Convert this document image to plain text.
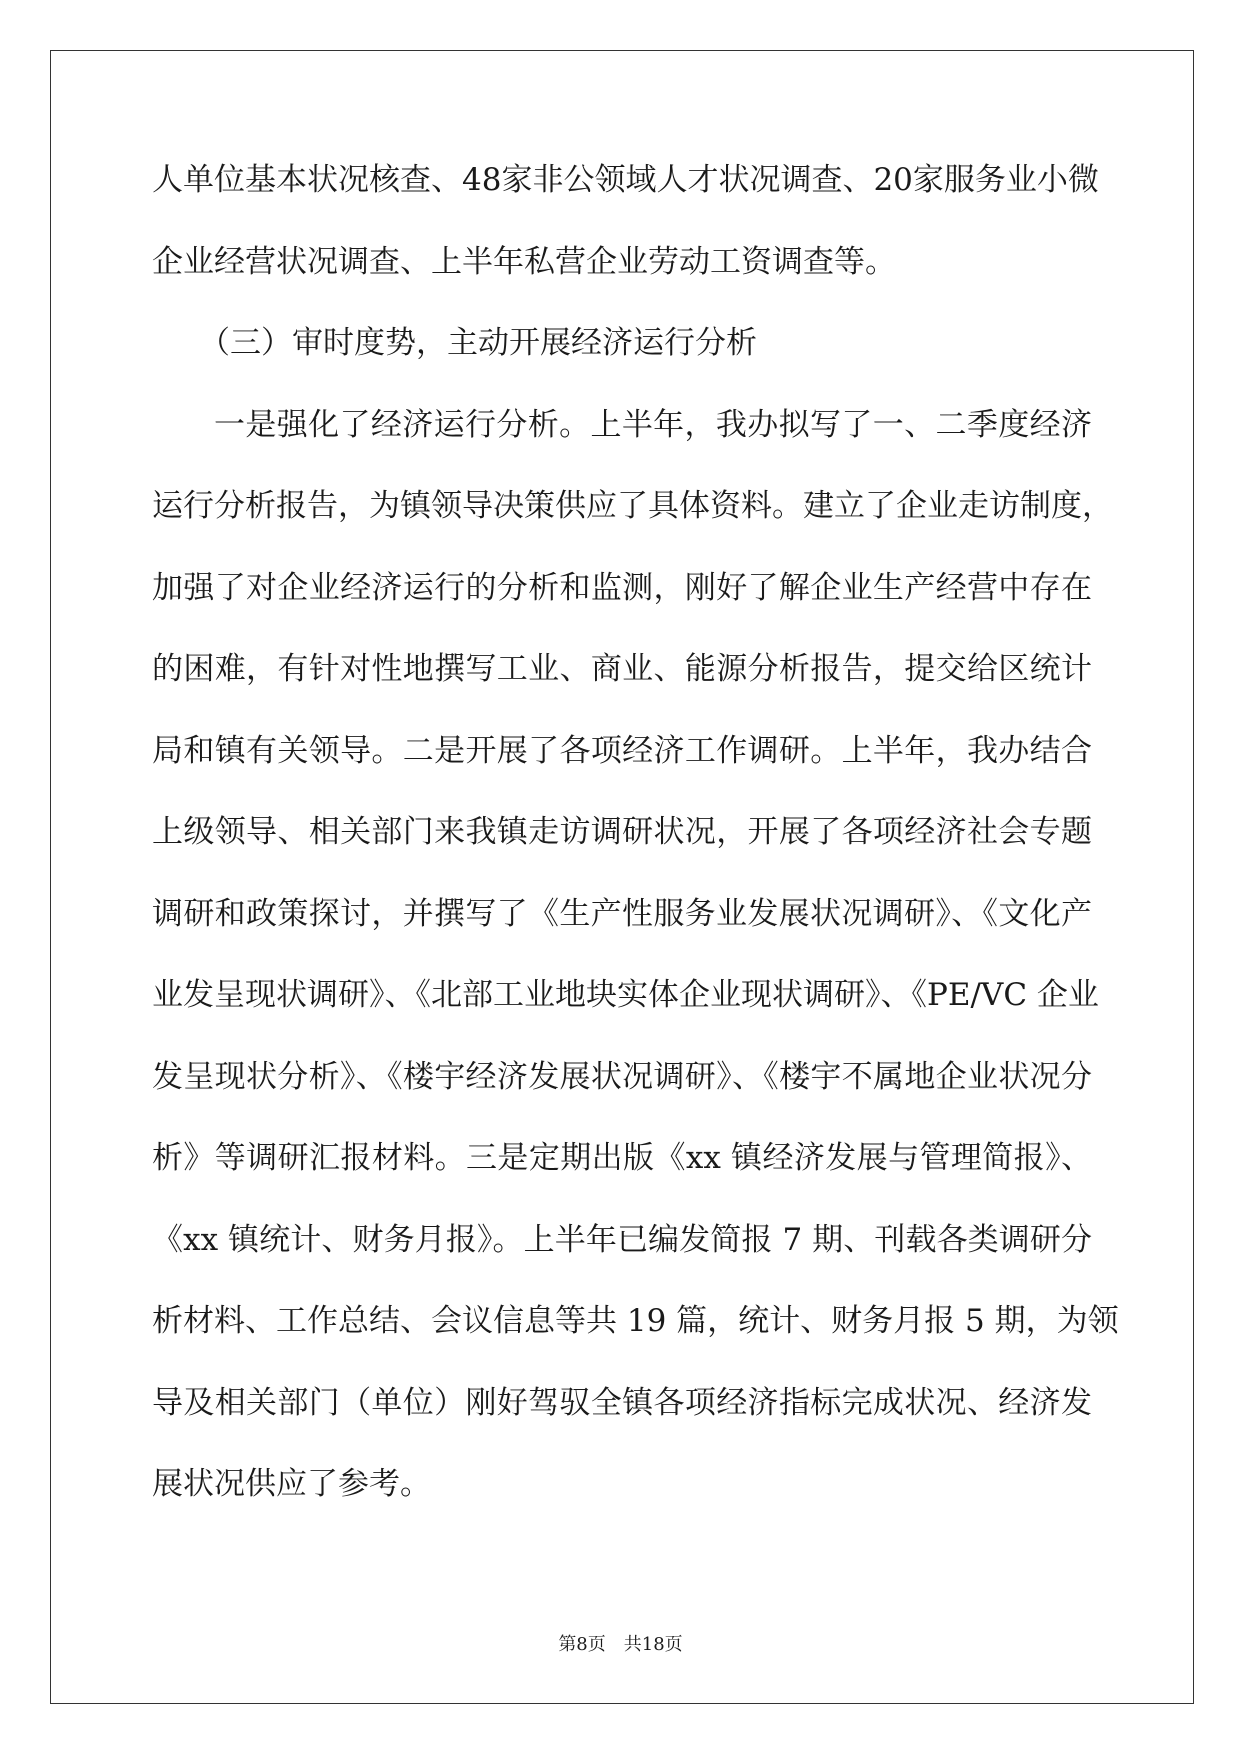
人单位基本状况核查、48家非公领域人才状况调查、20家服务业小微
企业经营状况调查、上半年私营企业劳动工资调查等。
（三）审时度势，主动开展经济运行分析
一是强化了经济运行分析。上半年，我办拟写了一、二季度经济
运行分析报告，为镇领导决策供应了具体资料。建立了企业走访制度，
加强了对企业经济运行的分析和监测，刚好了解企业生产经营中存在
的困难，有针对性地撰写工业、商业、能源分析报告，提交给区统计
局和镇有关领导。二是开展了各项经济工作调研。上半年，我办结合
上级领导、相关部门来我镇走访调研状况，开展了各项经济社会专题
调研和政策探讨，并撰写了《生产性服务业发展状况调研》、《文化产
业发呈现状调研》、《北部工业地块实体企业现状调研》、《PE/VC 企业
发呈现状分析》、《楼宇经济发展状况调研》、《楼宇不属地企业状况分
析》等调研汇报材料。三是定期出版《xx 镇经济发展与管理简报》、
《xx 镇统计、财务月报》。上半年已编发简报 7 期、刊载各类调研分
析材料、工作总结、会议信息等共 19 篇，统计、财务月报 5 期，为领
导及相关部门（单位）刚好驾驭全镇各项经济指标完成状况、经济发
展状况供应了参考。
第8页　共18页
